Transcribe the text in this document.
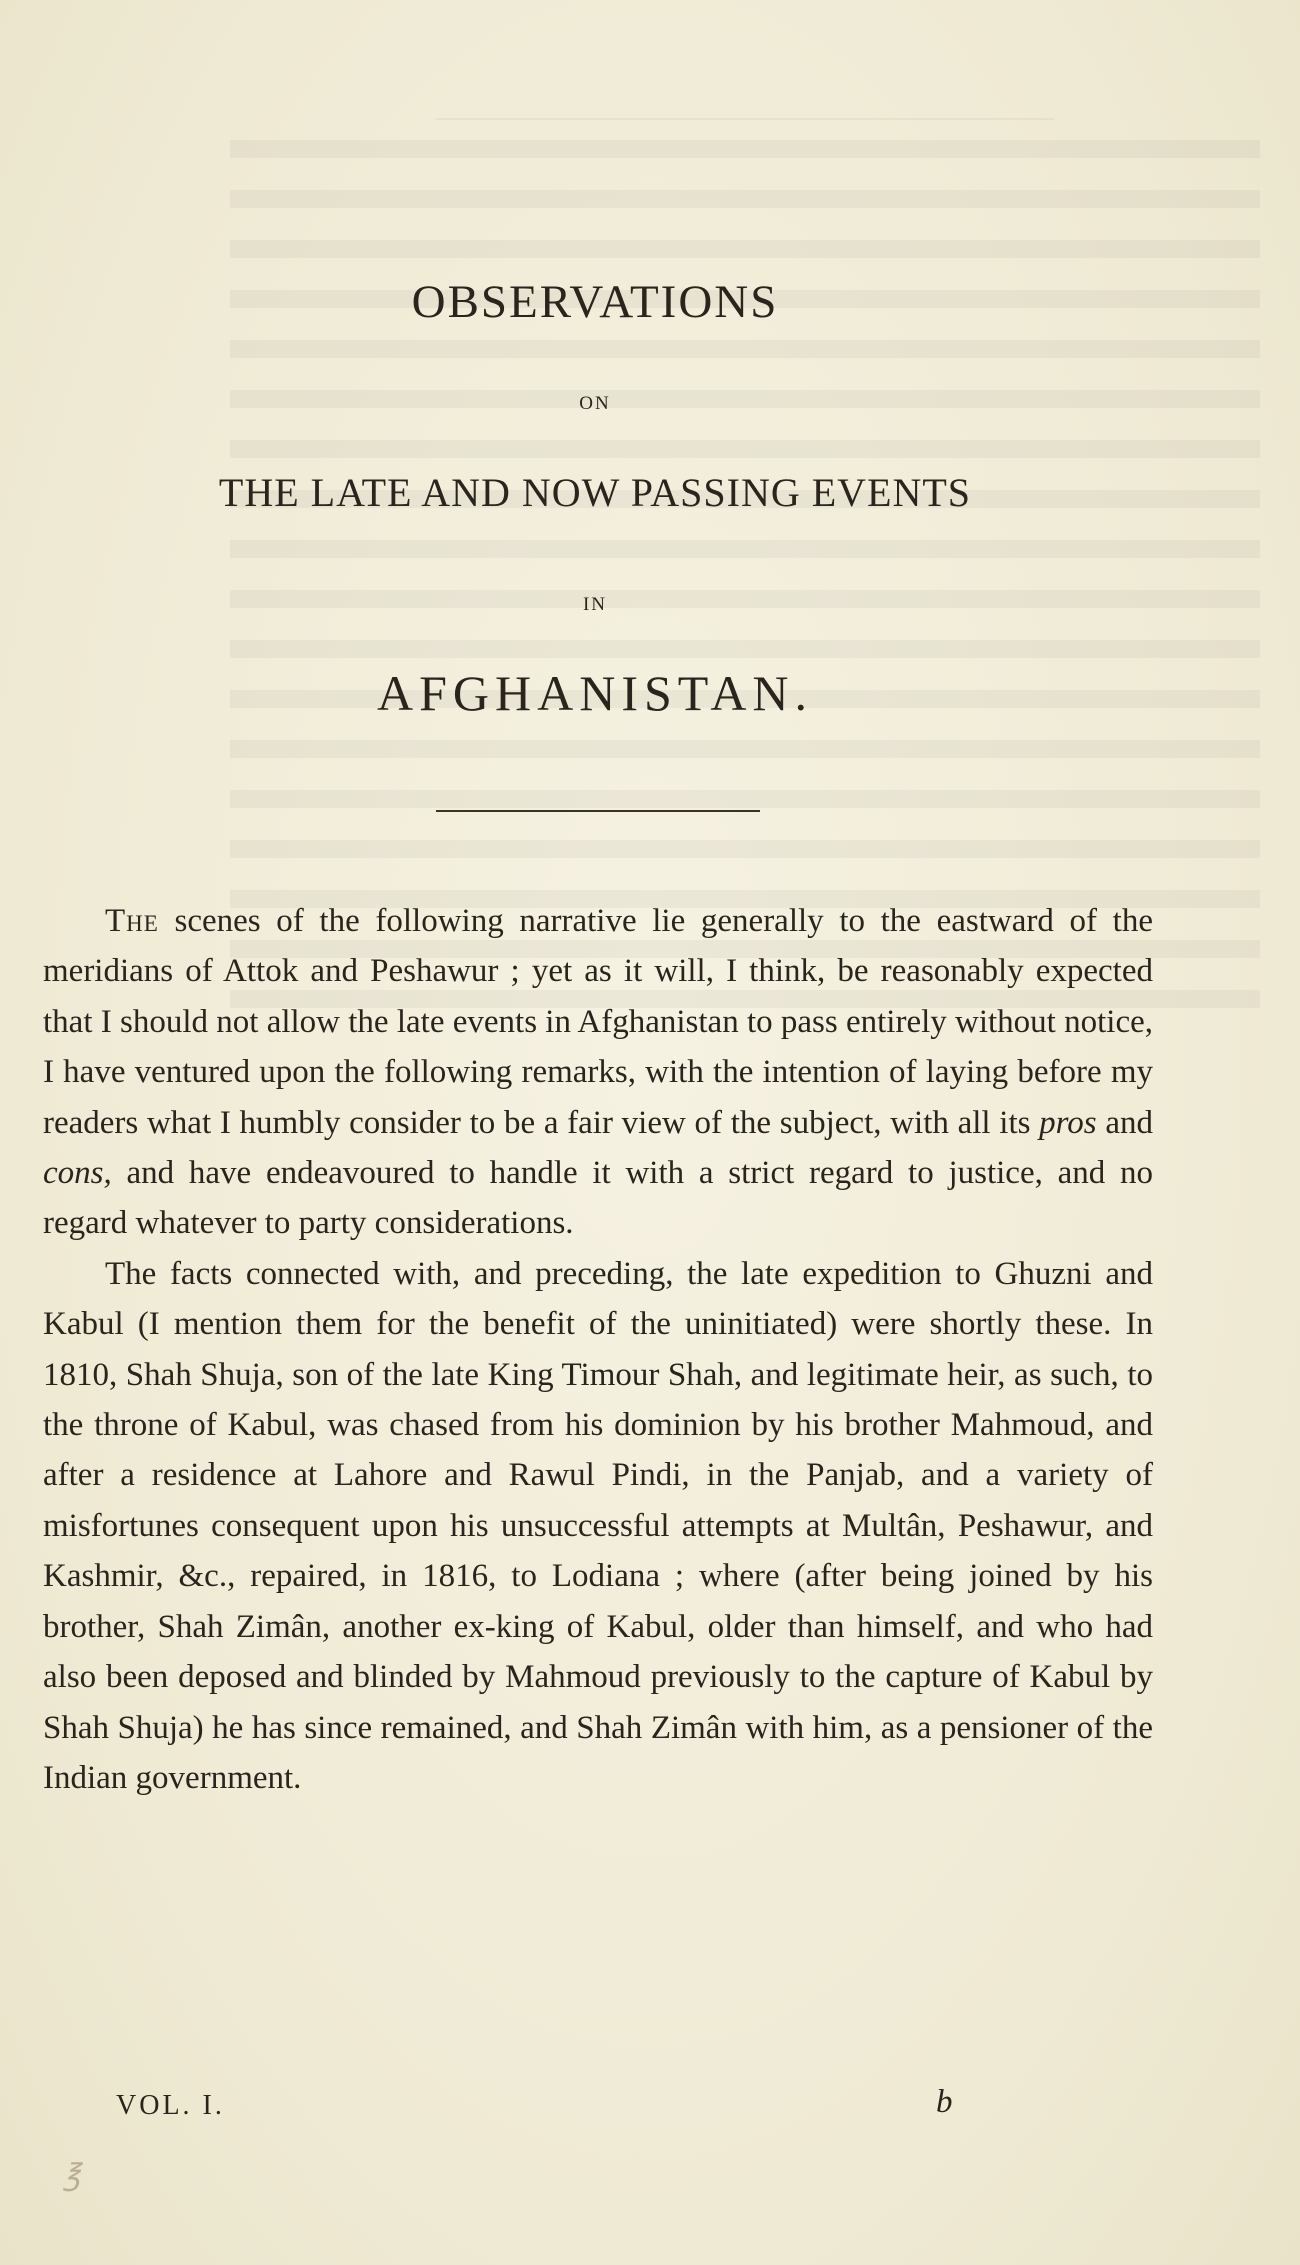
OBSERVATIONS
ON
THE LATE AND NOW PASSING EVENTS
IN
AFGHANISTAN.
The scenes of the following narrative lie generally to the eastward of the meridians of Attok and Peshawur ; yet as it will, I think, be reasonably expected that I should not allow the late events in Afghanistan to pass entirely without notice, I have ventured upon the following remarks, with the intention of laying before my readers what I humbly consider to be a fair view of the subject, with all its pros and cons, and have endeavoured to handle it with a strict regard to justice, and no regard whatever to party considerations.
The facts connected with, and preceding, the late expedition to Ghuzni and Kabul (I mention them for the benefit of the uninitiated) were shortly these. In 1810, Shah Shuja, son of the late King Timour Shah, and legitimate heir, as such, to the throne of Kabul, was chased from his dominion by his brother Mahmoud, and after a residence at Lahore and Rawul Pindi, in the Panjab, and a variety of misfortunes consequent upon his unsuccessful attempts at Multân, Peshawur, and Kashmir, &c., repaired, in 1816, to Lodiana ; where (after being joined by his brother, Shah Zimân, another ex-king of Kabul, older than himself, and who had also been deposed and blinded by Mahmoud previously to the capture of Kabul by Shah Shuja) he has since remained, and Shah Zimân with him, as a pensioner of the Indian government.
VOL. I.	b
℥
